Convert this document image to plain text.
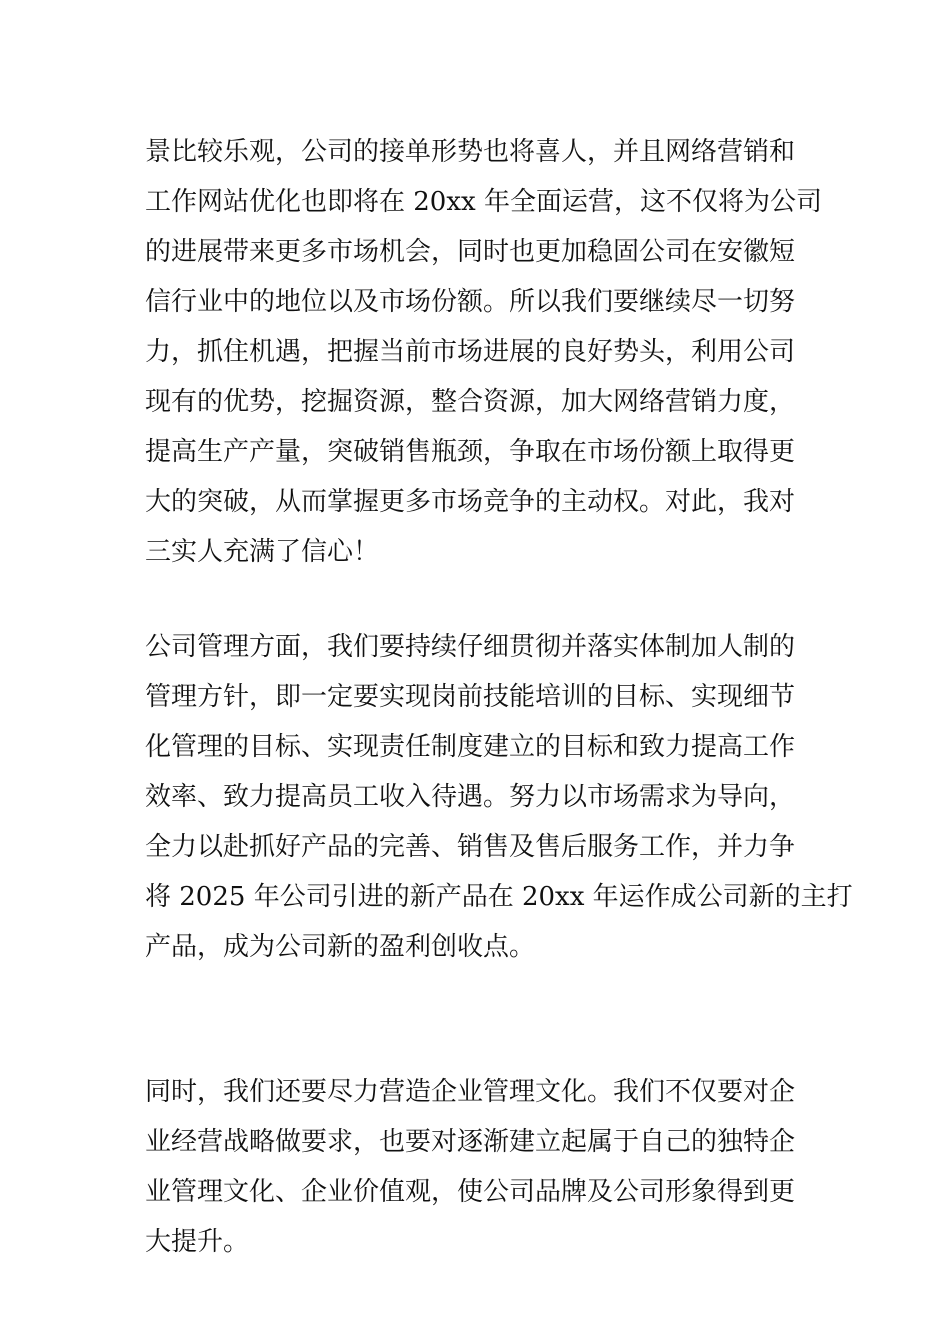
景比较乐观，公司的接单形势也将喜人，并且网络营销和
工作网站优化也即将在 20xx 年全面运营，这不仅将为公司
的进展带来更多市场机会，同时也更加稳固公司在安徽短
信行业中的地位以及市场份额。所以我们要继续尽一切努
力，抓住机遇，把握当前市场进展的良好势头，利用公司
现有的优势，挖掘资源，整合资源，加大网络营销力度，
提高生产产量，突破销售瓶颈，争取在市场份额上取得更
大的突破，从而掌握更多市场竞争的主动权。对此，我对
三实人充满了信心！

公司管理方面，我们要持续仔细贯彻并落实体制加人制的
管理方针，即一定要实现岗前技能培训的目标、实现细节
化管理的目标、实现责任制度建立的目标和致力提高工作
效率、致力提高员工收入待遇。努力以市场需求为导向，
全力以赴抓好产品的完善、销售及售后服务工作，并力争
将 2025 年公司引进的新产品在 20xx 年运作成公司新的主打
产品，成为公司新的盈利创收点。

同时，我们还要尽力营造企业管理文化。我们不仅要对企
业经营战略做要求，也要对逐渐建立起属于自己的独特企
业管理文化、企业价值观，使公司品牌及公司形象得到更
大提升。
